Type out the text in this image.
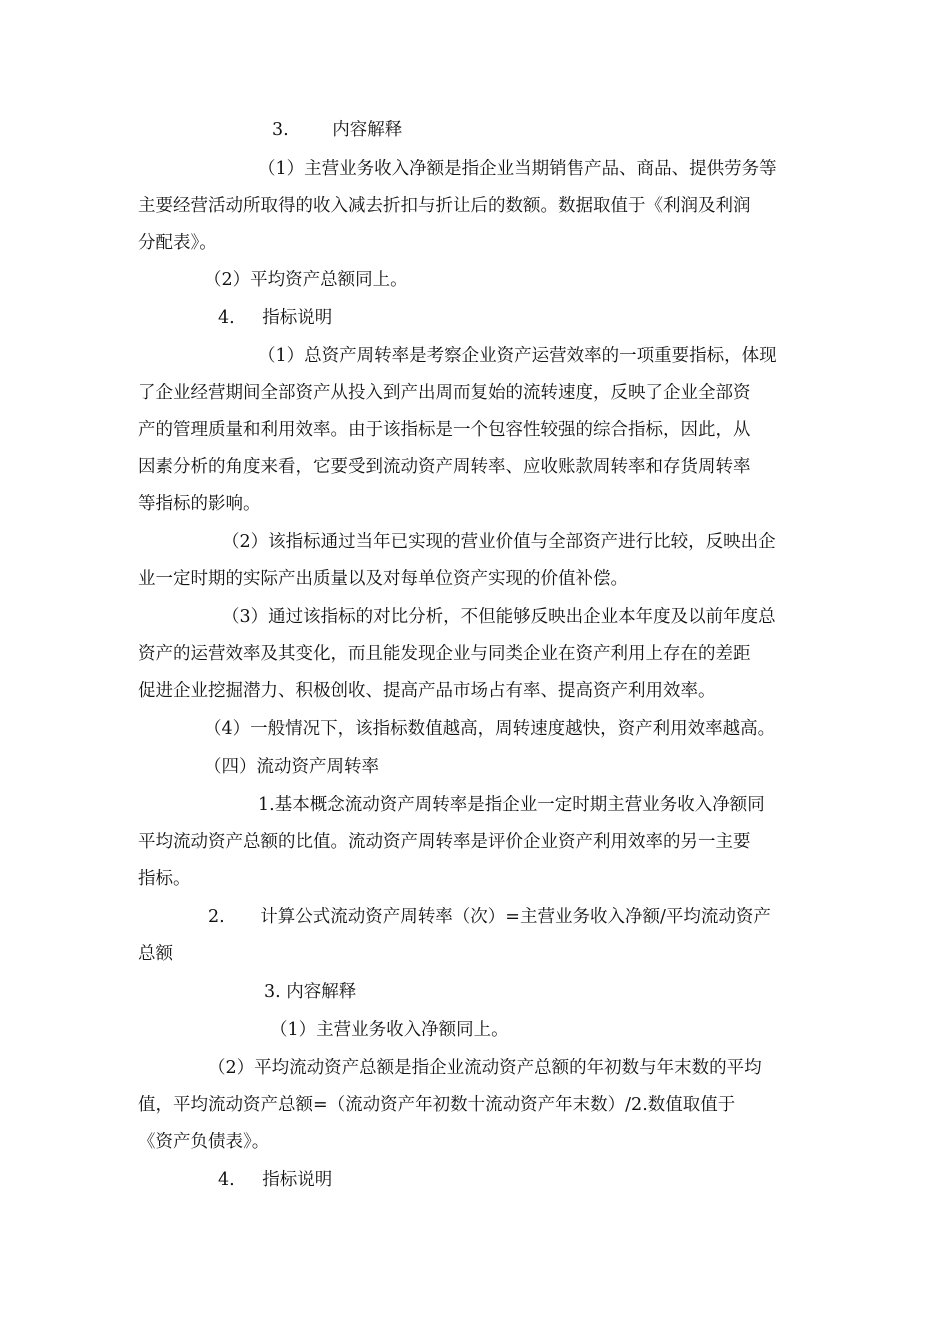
3. 内容解释
（1）主营业务收入净额是指企业当期销售产品、商品、提供劳务等
主要经营活动所取得的收入减去折扣与折让后的数额。数据取值于《利润及利润
分配表》。
（2）平均资产总额同上。
4. 指标说明
（1）总资产周转率是考察企业资产运营效率的一项重要指标，体现
了企业经营期间全部资产从投入到产出周而复始的流转速度，反映了企业全部资
产的管理质量和利用效率。由于该指标是一个包容性较强的综合指标，因此，从
因素分析的角度来看，它要受到流动资产周转率、应收账款周转率和存货周转率
等指标的影响。
（2）该指标通过当年已实现的营业价值与全部资产进行比较，反映出企
业一定时期的实际产出质量以及对每单位资产实现的价值补偿。
（3）通过该指标的对比分析，不但能够反映出企业本年度及以前年度总
资产的运营效率及其变化，而且能发现企业与同类企业在资产利用上存在的差距
促进企业挖掘潜力、积极创收、提高产品市场占有率、提高资产利用效率。
（4）一般情况下，该指标数值越高，周转速度越快，资产利用效率越高。
（四）流动资产周转率
1.基本概念流动资产周转率是指企业一定时期主营业务收入净额同
平均流动资产总额的比值。流动资产周转率是评价企业资产利用效率的另一主要
指标。
2. 计算公式流动资产周转率（次）=主营业务收入净额/平均流动资产
总额
3. 内容解释
（1）主营业务收入净额同上。
（2）平均流动资产总额是指企业流动资产总额的年初数与年末数的平均
值，平均流动资产总额=（流动资产年初数十流动资产年末数）/2.数值取值于
《资产负债表》。
4. 指标说明
